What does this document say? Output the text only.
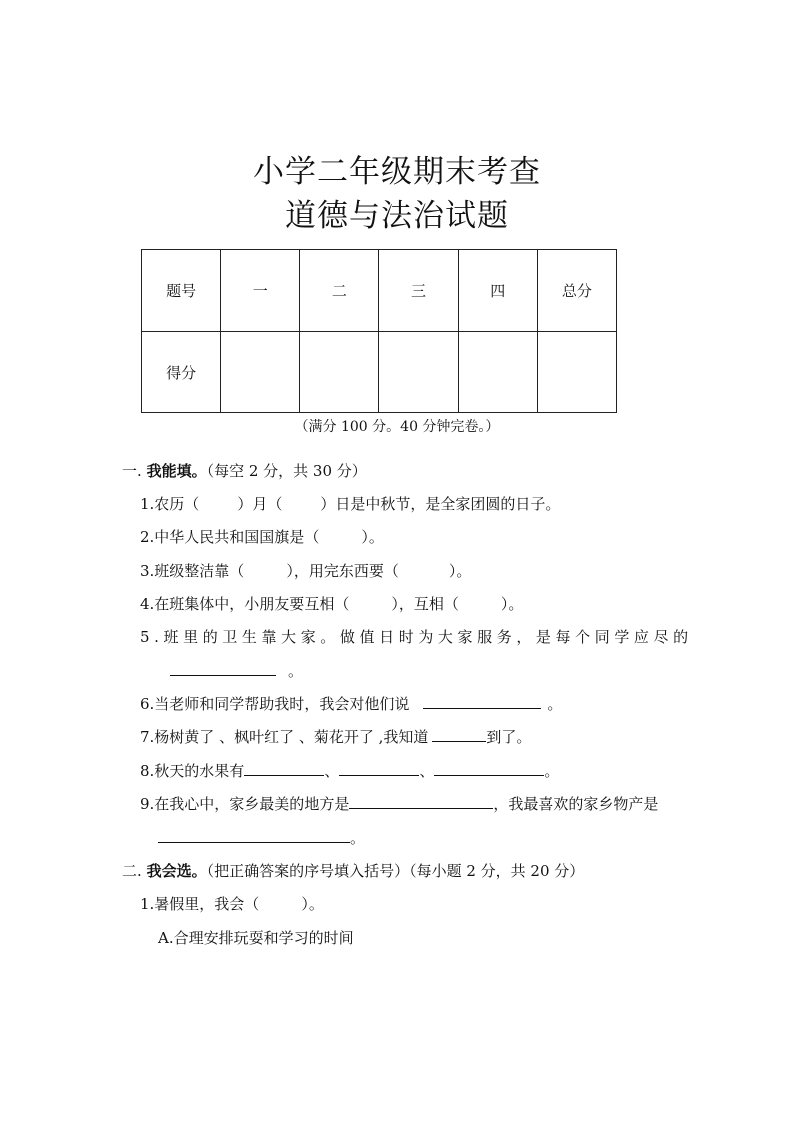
小学二年级期末考查
道德与法治试题
题号	一	二	三	四	总分
得分					
（满分 100 分。40 分钟完卷。）
一. 我能填。（每空 2 分，共 30 分）
1.农历（	）月（	）日是中秋节，是全家团圆的日子。
2.中华人民共和国国旗是（	）。
3.班级整洁靠（	），用完东西要（	）。
4.在班集体中，小朋友要互相（	），互相（	）。
5.班里的卫生靠大家。做值日时为大家服务，是每个同学应尽的
。
6.当老师和同学帮助我时，我会对他们说	。
7.杨树黄了 、枫叶红了 、菊花开了 ,我知道	到了。
8.秋天的水果有	、	、	。
9.在我心中，家乡最美的地方是	，我最喜欢的家乡物产是
。
二. 我会选。（把正确答案的序号填入括号）（每小题 2 分，共 20 分）
1.暑假里，我会（	）。
A.合理安排玩耍和学习的时间
